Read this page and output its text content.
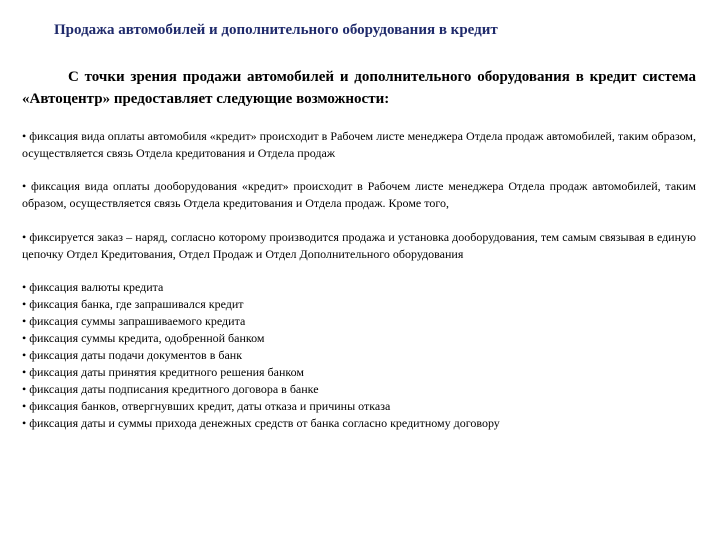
Продажа автомобилей и дополнительного оборудования в кредит

С точки зрения продажи автомобилей и дополнительного оборудования в кредит система «Автоцентр» предоставляет следующие возможности:

• фиксация вида оплаты автомобиля «кредит» происходит в Рабочем листе менеджера Отдела продаж автомобилей, таким образом, осуществляется связь Отдела кредитования и Отдела продаж

• фиксация вида оплаты дооборудования «кредит» происходит в Рабочем листе менеджера Отдела продаж автомобилей, таким образом, осуществляется связь Отдела кредитования и Отдела продаж. Кроме того,

• фиксируется заказ – наряд, согласно которому производится продажа и установка дооборудования, тем самым связывая в единую цепочку Отдел Кредитования, Отдел Продаж и Отдел Дополнительного оборудования

• фиксация валюты кредита
• фиксация банка, где запрашивался кредит
• фиксация суммы запрашиваемого кредита
• фиксация суммы кредита, одобренной банком
• фиксация даты подачи документов в банк
• фиксация даты принятия кредитного решения банком
• фиксация даты подписания кредитного договора в банке
• фиксация банков, отвергнувших кредит, даты отказа и причины отказа
• фиксация даты и суммы прихода денежных средств от банка согласно кредитному договору
